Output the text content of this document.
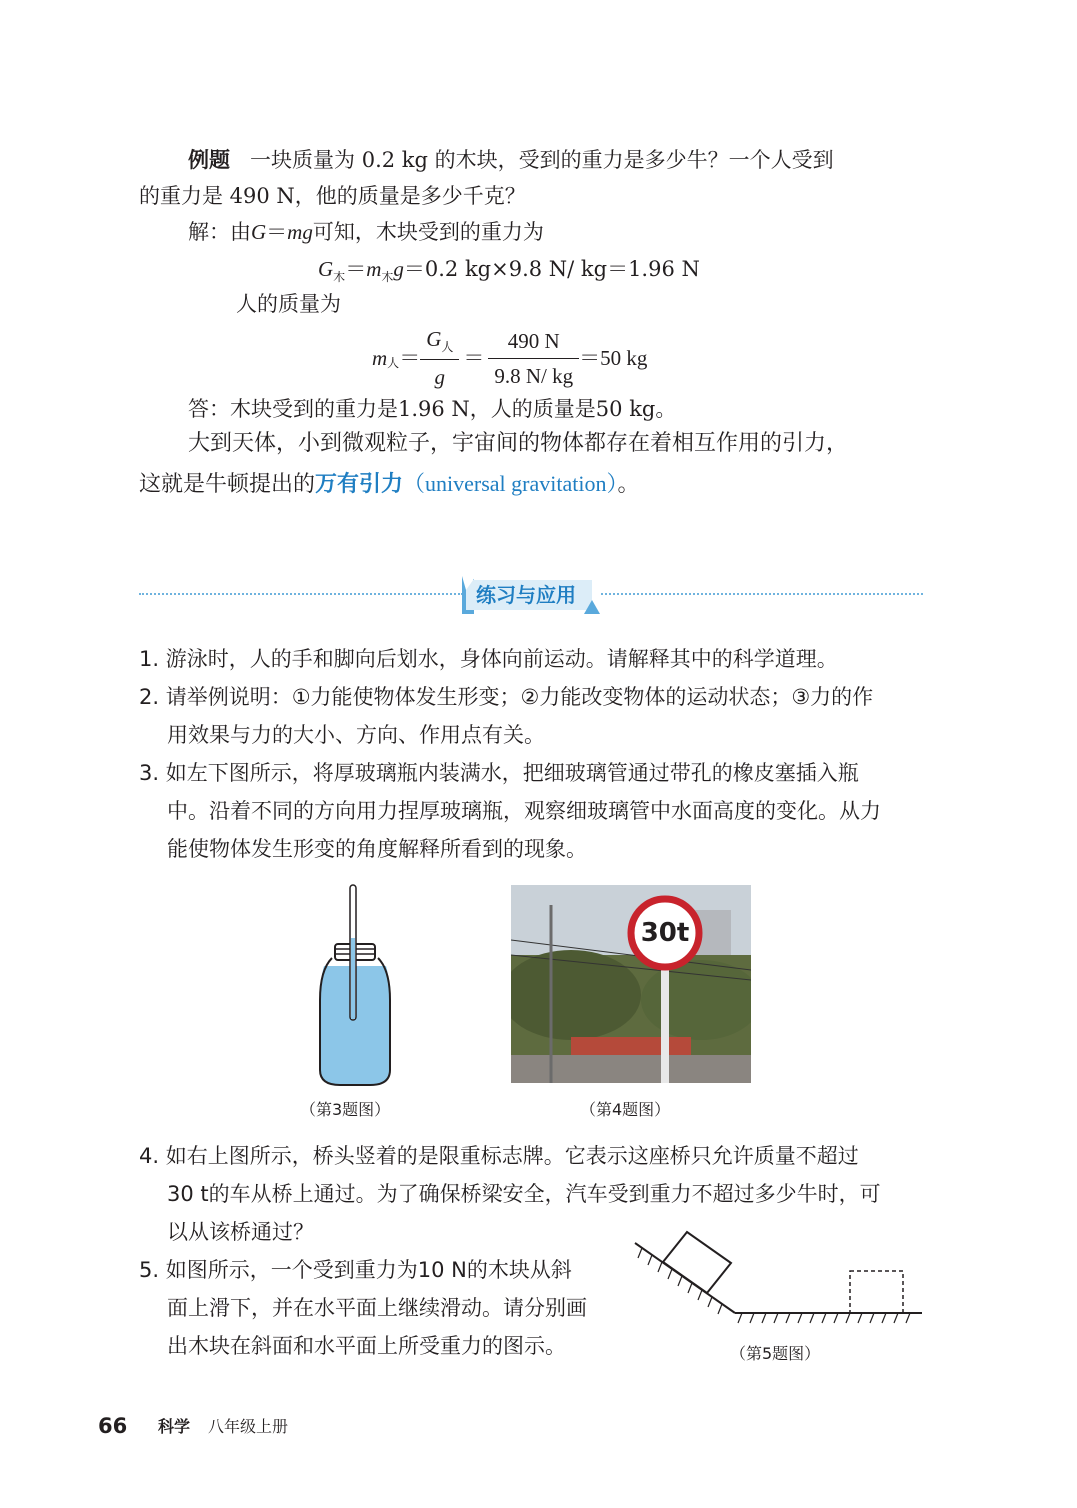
例题 一块质量为 0.2 kg 的木块，受到的重力是多少牛？一个人受到
的重力是 490 N，他的质量是多少千克？
解：由G＝mg可知，木块受到的重力为
$G_木=m_木g=0.2$ kg×9.8 N/ kg＝1.96 N
人的质量为
$m_人= \frac{G_人}{g} = \frac{490 N}{9.8 N/ kg} =50$ kg
答：木块受到的重力是1.96 N，人的质量是50 kg。
大到天体，小到微观粒子，宇宙间的物体都存在着相互作用的引力，
这就是牛顿提出的万有引力（universal gravitation）。
练习与应用
1. 游泳时，人的手和脚向后划水，身体向前运动。请解释其中的科学道理。
2. 请举例说明：①力能使物体发生形变；②力能改变物体的运动状态；③力的作
用效果与力的大小、方向、作用点有关。
3. 如左下图所示，将厚玻璃瓶内装满水，把细玻璃管通过带孔的橡皮塞插入瓶
中。沿着不同的方向用力捏厚玻璃瓶，观察细玻璃管中水面高度的变化。从力
能使物体发生形变的角度解释所看到的现象。
（第3题图）
30t
（第4题图）
4. 如右上图所示，桥头竖着的是限重标志牌。它表示这座桥只允许质量不超过
30 t的车从桥上通过。为了确保桥梁安全，汽车受到重力不超过多少牛时，可
以从该桥通过？
5. 如图所示，一个受到重力为10 N的木块从斜
面上滑下，并在水平面上继续滑动。请分别画
出木块在斜面和水平面上所受重力的图示。	（第5题图）
66 科学 八年级上册
